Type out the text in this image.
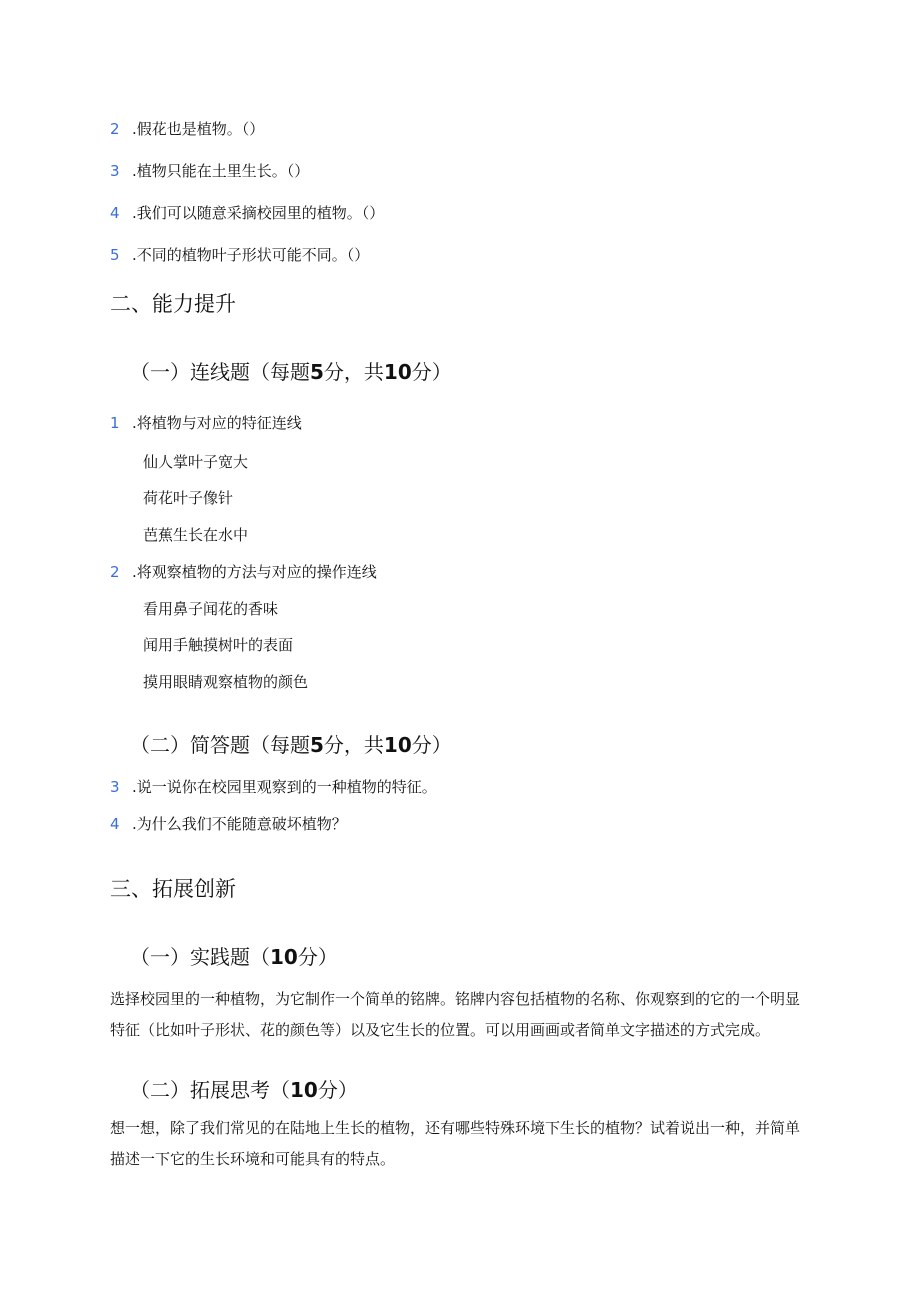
2 .假花也是植物。（）
3 .植物只能在土里生长。（）
4 .我们可以随意采摘校园里的植物。（）
5 .不同的植物叶子形状可能不同。（）
二、能力提升
（一）连线题（每题5分，共10分）
1 .将植物与对应的特征连线
仙人掌叶子宽大
荷花叶子像针
芭蕉生长在水中
2 .将观察植物的方法与对应的操作连线
看用鼻子闻花的香味
闻用手触摸树叶的表面
摸用眼睛观察植物的颜色
（二）简答题（每题5分，共10分）
3 .说一说你在校园里观察到的一种植物的特征。
4 .为什么我们不能随意破坏植物？
三、拓展创新
（一）实践题（10分）
选择校园里的一种植物，为它制作一个简单的铭牌。铭牌内容包括植物的名称、你观察到的它的一个明显特征（比如叶子形状、花的颜色等）以及它生长的位置。可以用画画或者简单文字描述的方式完成。
（二）拓展思考（10分）
想一想，除了我们常见的在陆地上生长的植物，还有哪些特殊环境下生长的植物？试着说出一种，并简单描述一下它的生长环境和可能具有的特点。
